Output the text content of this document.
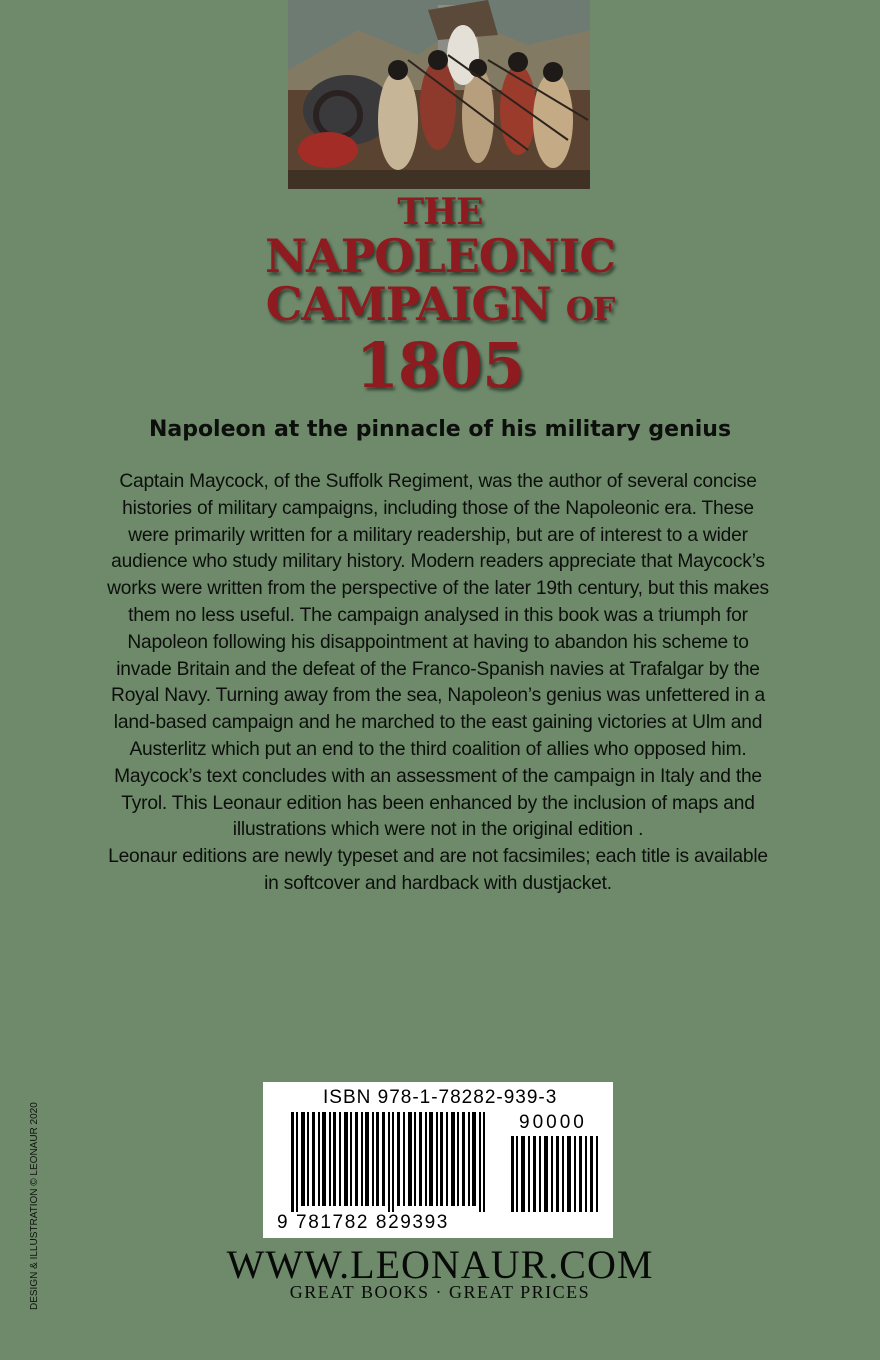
THE
NAPOLEONIC
CAMPAIGN OF
1805
Napoleon at the pinnacle of his military genius

Captain Maycock, of the Suffolk Regiment, was the author of several concise histories of military campaigns, including those of the Napoleonic era. These were primarily written for a military readership, but are of interest to a wider audience who study military history. Modern readers appreciate that Maycock’s works were written from the perspective of the later 19th century, but this makes them no less useful. The campaign analysed in this book was a triumph for Napoleon following his disappointment at having to abandon his scheme to invade Britain and the defeat of the Franco-Spanish navies at Trafalgar by the Royal Navy. Turning away from the sea, Napoleon’s genius was unfettered in a land-based campaign and he marched to the east gaining victories at Ulm and Austerlitz which put an end to the third coalition of allies who opposed him. Maycock’s text concludes with an assessment of the campaign in Italy and the Tyrol. This Leonaur edition has been enhanced by the inclusion of maps and illustrations which were not in the original edition .

Leonaur editions are newly typeset and are not facsimiles; each title is available in softcover and hardback with dustjacket.

DESIGN & ILLUSTRATION © LEONAUR 2020
ISBN 978-1-78282-939-3
90000
9 781782 829393
WWW.LEONAUR.COM
GREAT BOOKS · GREAT PRICES
